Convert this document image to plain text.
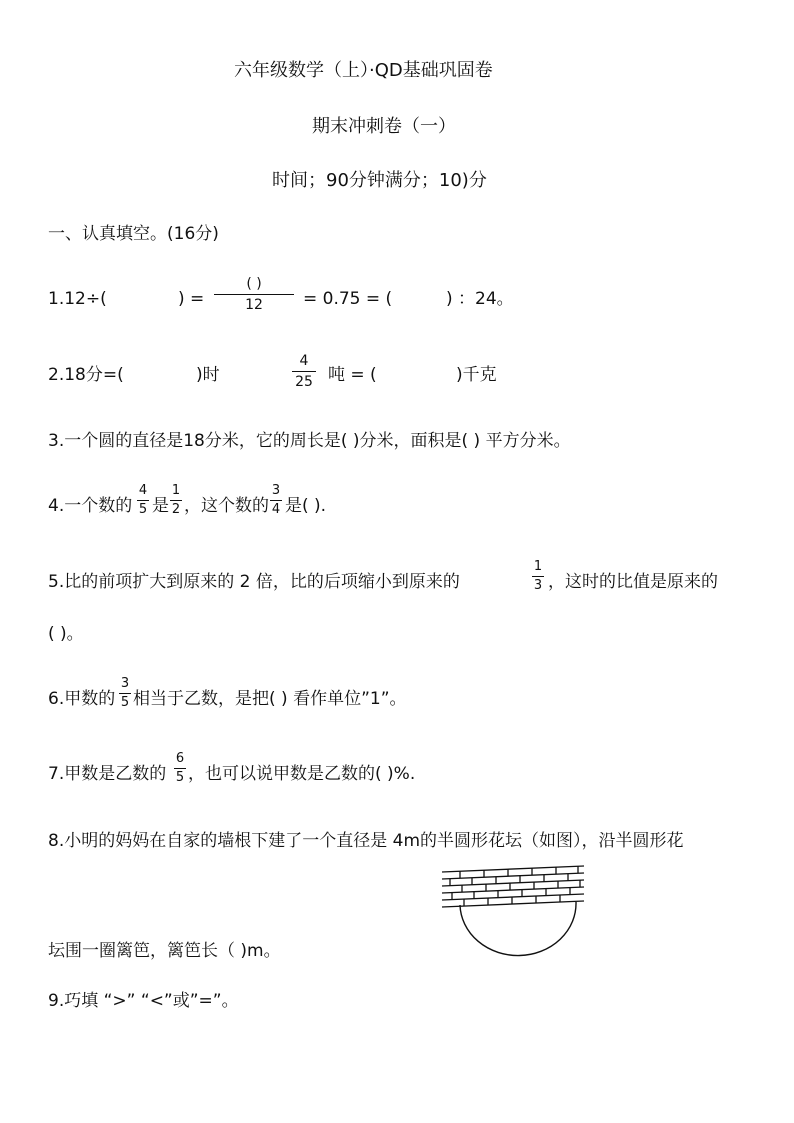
六年级数学（上）·QD基础巩固卷
期末冲刺卷（一）
时间；90分钟满分；10)分
一、认真填空。(16分)
1.12÷(	) =
( )
12	= 0.75 = (	) ：24。
2.18分=(	)时
4
25 吨 = (	)千克
3.一个圆的直径是18分米，它的周长是( )分米，面积是( ) 平方分米。
4.一个数的
4
5 是
1
2 ，这个数的
3
4 是( ).
5.比的前项扩大到原来的 2 倍，比的后项缩小到原来的
1
3 ，这时的比值是原来的
( )。
6.甲数的
3
5 相当于乙数，是把( ) 看作单位”1”。
7.甲数是乙数的
6
5 ，也可以说甲数是乙数的( )%.
8.小明的妈妈在自家的墙根下建了一个直径是 4m的半圆形花坛（如图），沿半圆形花
坛围一圈篱笆，篱笆长（ )m。
9.巧填 “>” “<”或”=”。
